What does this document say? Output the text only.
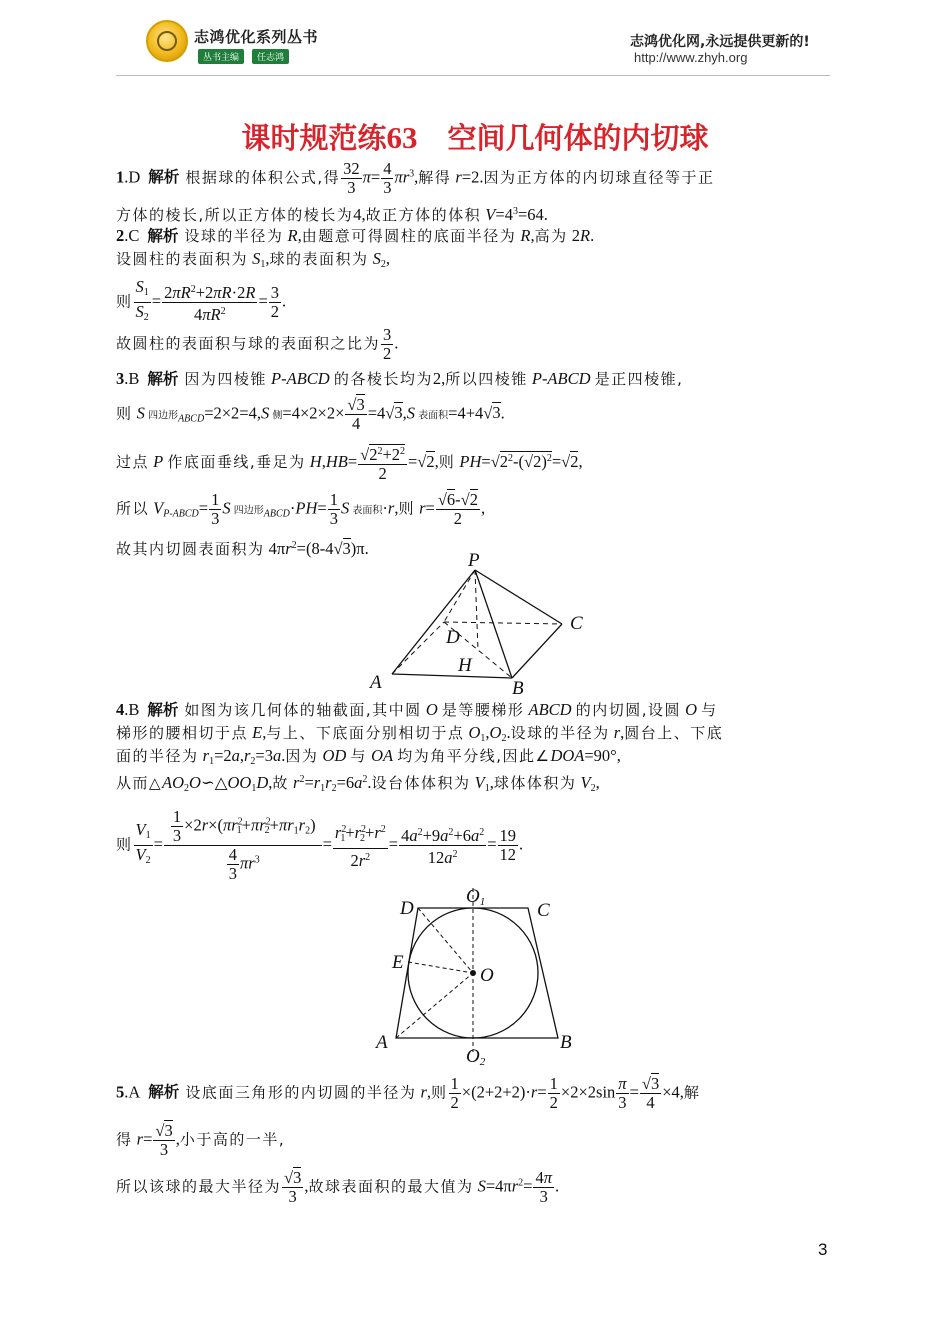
志鸿优化系列丛书
丛书主编	任志鸿
志鸿优化网,永远提供更新的!
http://www.zhyh.org
课时规范练63 空间几何体的内切球
1.D 解析 根据球的体积公式,得 $\frac{32}{3} \pi= \frac{4}{3} \pi r^3$,解得 r=2.因为正方体的内切球直径等于正
方体的棱长,所以正方体的棱长为4,故正方体的体积 $V=4^3=64$.
2.C 解析 设球的半径为 R,由题意可得圆柱的底面半径为 R,高为 2R.
设圆柱的表面积为 $S_1$,球的表面积为 $S_2$,
则 $\frac{S_1}{S_2} = \frac{2\pi R^2+2\pi R\cdot 2R}{4\pi R^2} = \frac{3}{2}$ .
故圆柱的表面积与球的表面积之比为 $\frac{3}{2}$ .
3.B 解析 因为四棱锥 P-ABCD 的各棱长均为2,所以四棱锥 P-ABCD 是正四棱锥,
则 S 四边形$_{ABCD}$=2×2=4,S 侧$=4\times 2\times 2\times \frac{√3}{4} =4√3,S$ 表面积=4+4√3.
过点 P 作底面垂线,垂足为 $H,HB= \frac{√2^2+2^2}{2} =√2$,则 $PH=√2^2-(√2)^2=√2$,
所以 $V_{P-ABCD}= \frac{1}{3}$ S 四边形$_{ABCD}\cdot PH= \frac{1}{3}$ S 表面积·r,则 $r= \frac{√6-√2}{2}$ ,
故其内切圆表面积为 $4\pi r^2=(8-4√3)\pi$.
P
C
D
H
A	B
4.B 解析 如图为该几何体的轴截面,其中圆 O 是等腰梯形 ABCD 的内切圆,设圆 O 与
梯形的腰相切于点 E,与上、下底面分别相切于点 $O_1,O_2$.设球的半径为 r,圆台上、下底
面的半径为 $r_1=2a,r_2=3a$.因为 OD 与 OA 均为角平分线,因此∠DOA=90°,
从而$\triangle AO_2O∽\triangle OO_1D$,故 $r^2=r_1r_2=6a^2$.设台体体积为 $V_1$,球体体积为 $V_2$,
则 $\frac{V_1}{V_2} = \frac{\frac{1}{3} \times 2r\times(\pi r^2_1+\pi r^2_2+\pi r_1r_2)}{\frac{4}{3} \pi r^3} = \frac{r^2_1+r^2_2+r^2}{2r^2} = \frac{4a^2+9a^2+6a^2}{12a^2} = \frac{19}{12}$ .
O1
D	C
E
O
A	B
O2
5.A 解析 设底面三角形的内切圆的半径为 r,则 $\frac{1}{2} \times(2+2+2)\cdot r= \frac{1}{2} \times 2\times 2\sin \frac{\pi}{3} = \frac{√3}{4} \times 4$,解
得 $r= \frac{√3}{3}$ ,小于高的一半,
所以该球的最大半径为 $\frac{√3}{3}$ ,故球表面积的最大值为 $S=4\pi r^2= \frac{4\pi}{3}$ .
3
